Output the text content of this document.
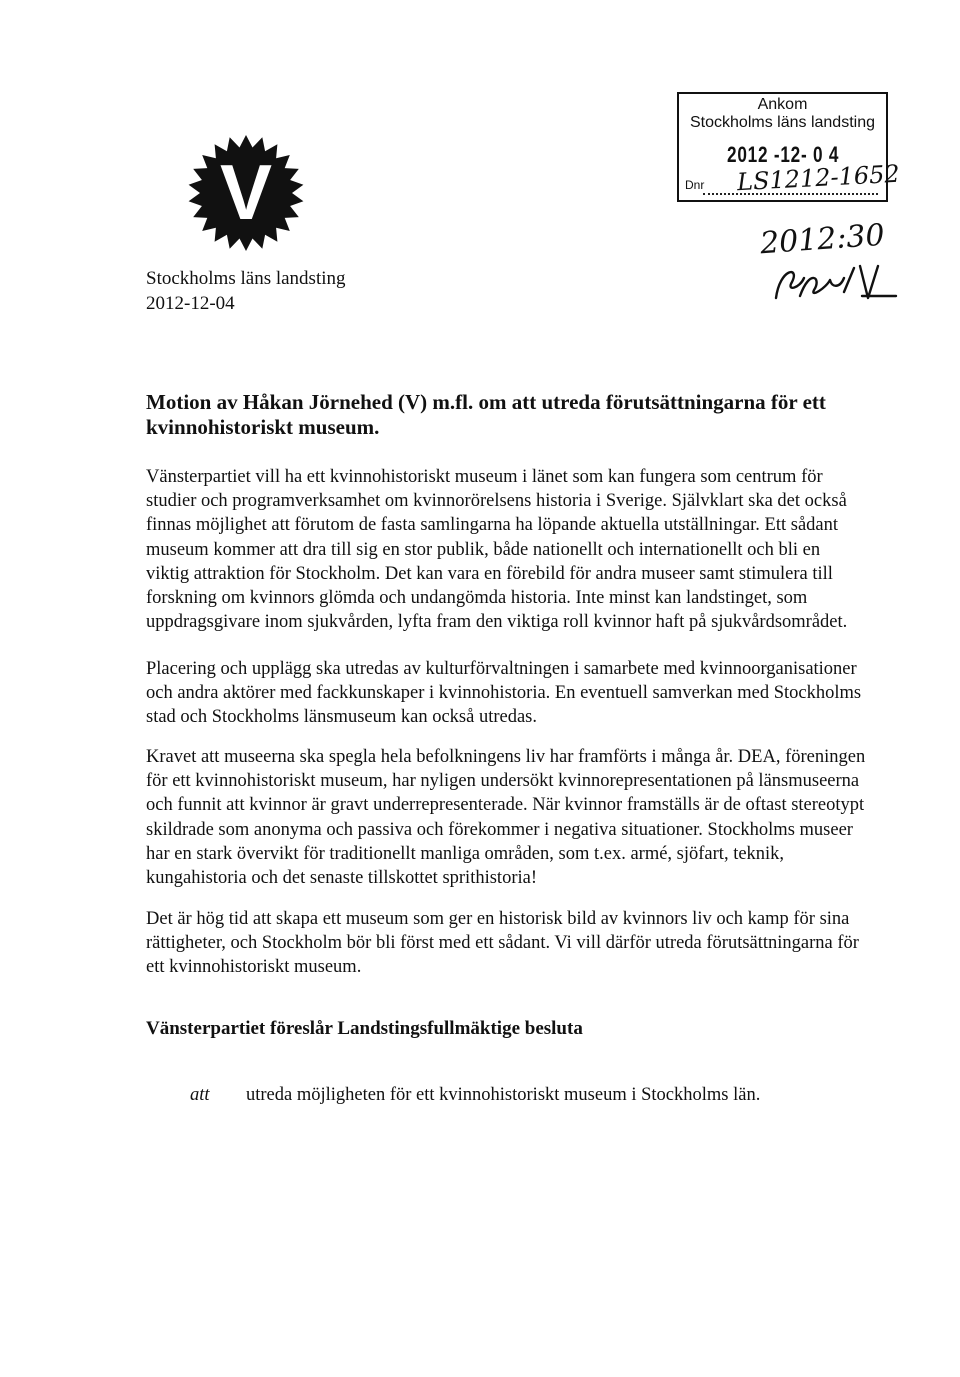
V
Stockholms läns landsting
2012-12-04
Ankom
Stockholms läns landsting
2012 -12- 0 4
Dnr LS1212-1652
2012:30
Motion av Håkan Jörnehed (V) m.fl. om att utreda förutsättningarna för ett kvinnohistoriskt museum.
Vänsterpartiet vill ha ett kvinnohistoriskt museum i länet som kan fungera som centrum för studier och programverksamhet om kvinnorörelsens historia i Sverige. Självklart ska det också finnas möjlighet att förutom de fasta samlingarna ha löpande aktuella utställningar. Ett sådant museum kommer att dra till sig en stor publik, både nationellt och internationellt och bli en viktig attraktion för Stockholm. Det kan vara en förebild för andra museer samt stimulera till forskning om kvinnors glömda och undangömda historia. Inte minst kan landstinget, som uppdragsgivare inom sjukvården, lyfta fram den viktiga roll kvinnor haft på sjukvårdsområdet.
Placering och upplägg ska utredas av kulturförvaltningen i samarbete med kvinnoorganisationer och andra aktörer med fackkunskaper i kvinnohistoria. En eventuell samverkan med Stockholms stad och Stockholms länsmuseum kan också utredas.
Kravet att museerna ska spegla hela befolkningens liv har framförts i många år. DEA, föreningen för ett kvinnohistoriskt museum, har nyligen undersökt kvinnorepresentationen på länsmuseerna och funnit att kvinnor är gravt underrepresenterade. När kvinnor framställs är de oftast stereotypt skildrade som anonyma och passiva och förekommer i negativa situationer. Stockholms museer har en stark övervikt för traditionellt manliga områden, som t.ex. armé, sjöfart, teknik, kungahistoria och det senaste tillskottet sprithistoria!
Det är hög tid att skapa ett museum som ger en historisk bild av kvinnors liv och kamp för sina rättigheter, och Stockholm bör bli först med ett sådant. Vi vill därför utreda förutsättningarna för ett kvinnohistoriskt museum.
Vänsterpartiet föreslår Landstingsfullmäktige besluta
att utreda möjligheten för ett kvinnohistoriskt museum i Stockholms län.
